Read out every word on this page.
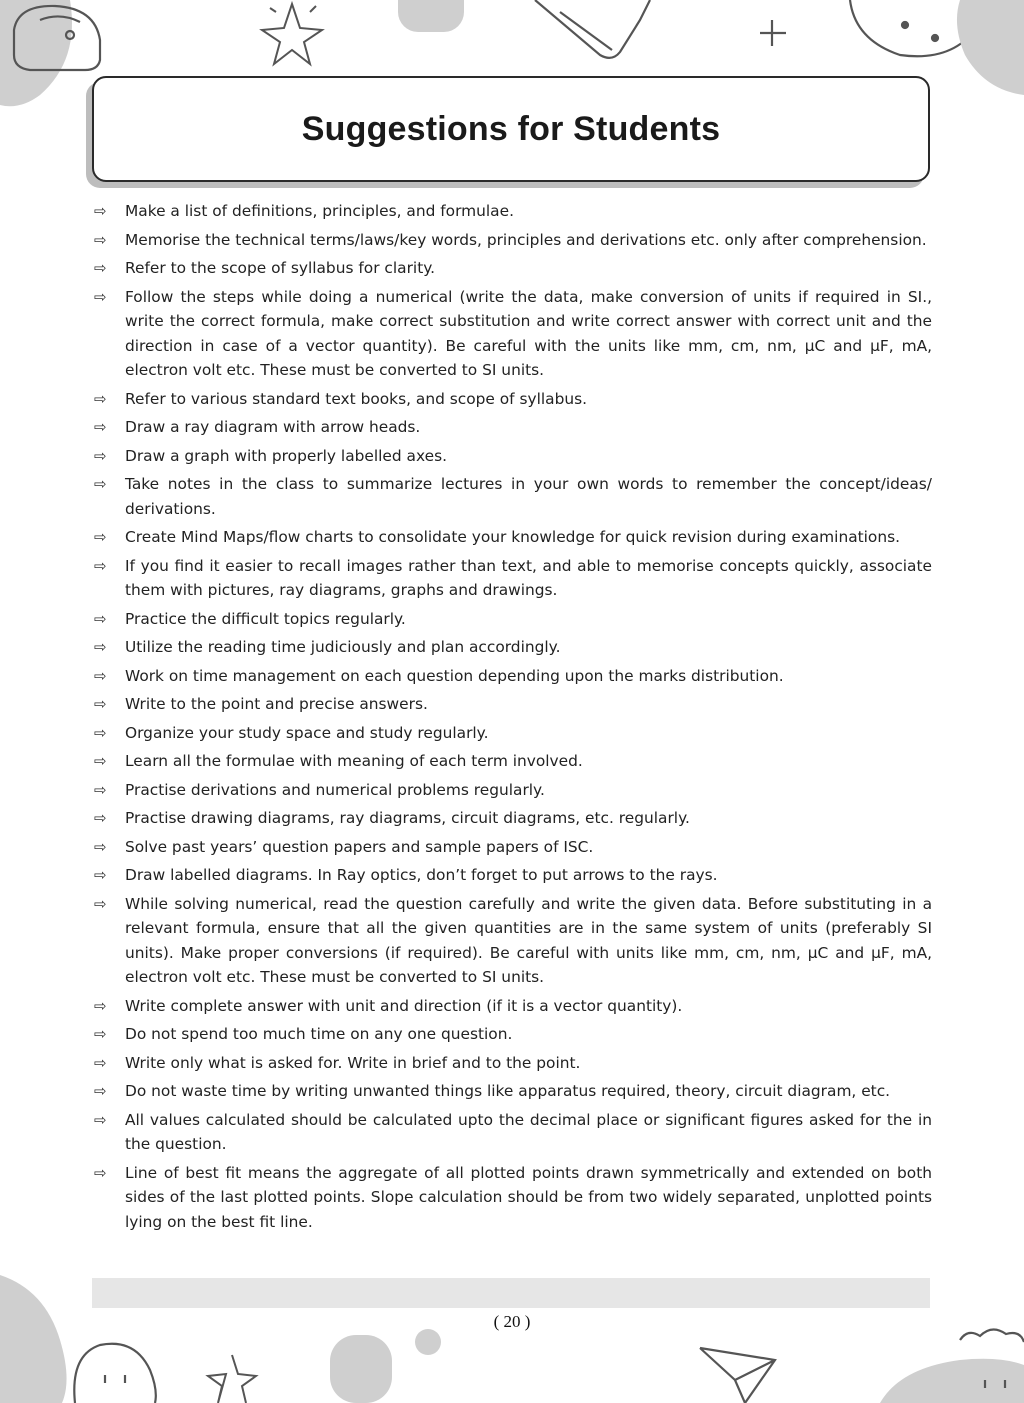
Suggestions for Students
⇨	Make a list of definitions, principles, and formulae.
⇨	Memorise the technical terms/laws/key words, principles and derivations etc. only after comprehension.
⇨	Refer to the scope of syllabus for clarity.
⇨	Follow the steps while doing a numerical (write the data, make conversion of units if required in SI., write the correct formula, make correct substitution and write correct answer with correct unit and the direction in case of a vector quantity). Be careful with the units like mm, cm, nm, μC and μF, mA, electron volt etc. These must be converted to SI units.
⇨	Refer to various standard text books, and scope of syllabus.
⇨	Draw a ray diagram with arrow heads.
⇨	Draw a graph with properly labelled axes.
⇨	Take notes in the class to summarize lectures in your own words to remember the concept/ideas/ derivations.
⇨	Create Mind Maps/flow charts to consolidate your knowledge for quick revision during examinations.
⇨	If you find it easier to recall images rather than text, and able to memorise concepts quickly, associate them with pictures, ray diagrams, graphs and drawings.
⇨	Practice the difficult topics regularly.
⇨	Utilize the reading time judiciously and plan accordingly.
⇨	Work on time management on each question depending upon the marks distribution.
⇨	Write to the point and precise answers.
⇨	Organize your study space and study regularly.
⇨	Learn all the formulae with meaning of each term involved.
⇨	Practise derivations and numerical problems regularly.
⇨	Practise drawing diagrams, ray diagrams, circuit diagrams, etc. regularly.
⇨	Solve past years’ question papers and sample papers of ISC.
⇨	Draw labelled diagrams. In Ray optics, don’t forget to put arrows to the rays.
⇨	While solving numerical, read the question carefully and write the given data. Before substituting in a relevant formula, ensure that all the given quantities are in the same system of units (preferably SI units). Make proper conversions (if required). Be careful with units like mm, cm, nm, μC and μF, mA, electron volt etc. These must be converted to SI units.
⇨	Write complete answer with unit and direction (if it is a vector quantity).
⇨	Do not spend too much time on any one question.
⇨	Write only what is asked for. Write in brief and to the point.
⇨	Do not waste time by writing unwanted things like apparatus required, theory, circuit diagram, etc.
⇨	All values calculated should be calculated upto the decimal place or significant figures asked for the in the question.
⇨	Line of best fit means the aggregate of all plotted points drawn symmetrically and extended on both sides of the last plotted points. Slope calculation should be from two widely separated, unplotted points lying on the best fit line.
( 20 )
